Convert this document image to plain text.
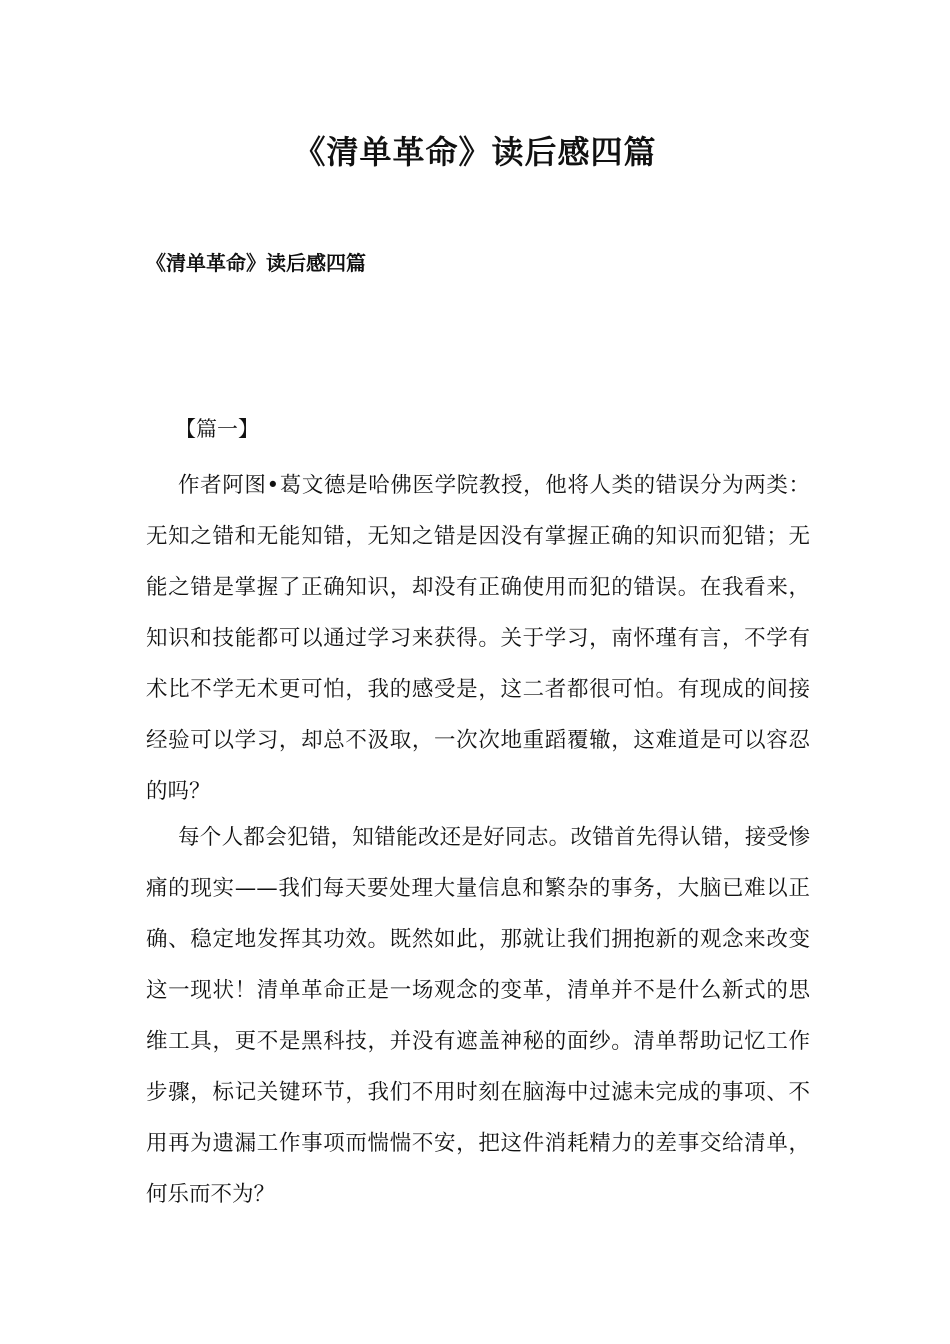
《清单革命》读后感四篇
《清单革命》读后感四篇

【篇一】

作者阿图•葛文德是哈佛医学院教授，他将人类的错误分为两类：无知之错和无能知错，无知之错是因没有掌握正确的知识而犯错；无能之错是掌握了正确知识，却没有正确使用而犯的错误。在我看来，知识和技能都可以通过学习来获得。关于学习，南怀瑾有言，不学有术比不学无术更可怕，我的感受是，这二者都很可怕。有现成的间接经验可以学习，却总不汲取，一次次地重蹈覆辙，这难道是可以容忍的吗？

每个人都会犯错，知错能改还是好同志。改错首先得认错，接受惨痛的现实——我们每天要处理大量信息和繁杂的事务，大脑已难以正确、稳定地发挥其功效。既然如此，那就让我们拥抱新的观念来改变这一现状！清单革命正是一场观念的变革，清单并不是什么新式的思维工具，更不是黑科技，并没有遮盖神秘的面纱。清单帮助记忆工作步骤，标记关键环节，我们不用时刻在脑海中过滤未完成的事项、不用再为遗漏工作事项而惴惴不安，把这件消耗精力的差事交给清单，何乐而不为？
